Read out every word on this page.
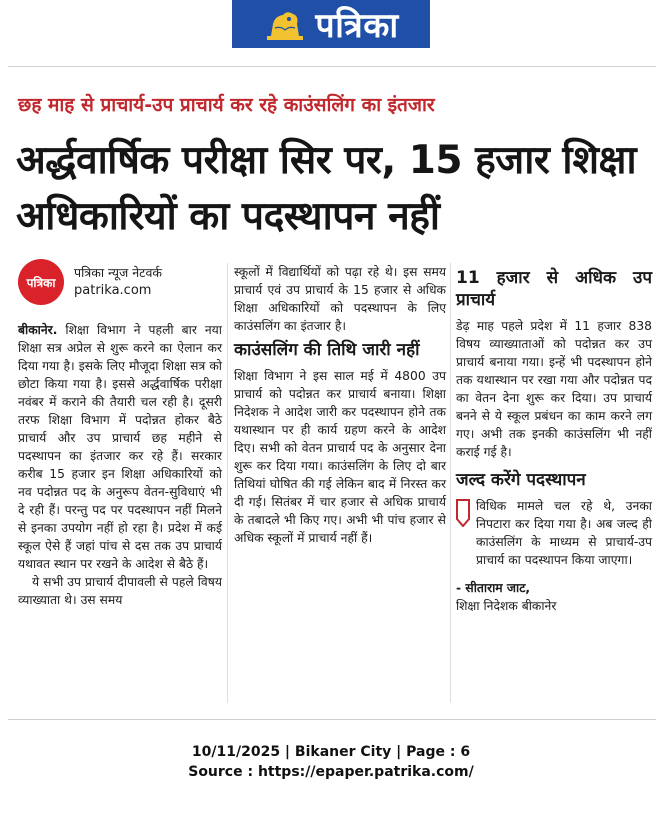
पत्रिका
छह माह से प्राचार्य-उप प्राचार्य कर रहे काउंसलिंग का इंतजार
अर्द्धवार्षिक परीक्षा सिर पर, 15 हजार शिक्षा अधिकारियों का पदस्थापन नहीं
पत्रिका
पत्रिका न्यूज नेटवर्क
patrika.com

बीकानेर. शिक्षा विभाग ने पहली बार नया शिक्षा सत्र अप्रेल से शुरू करने का ऐलान कर दिया गया है। इसके लिए मौजूदा शिक्षा सत्र को छोटा किया गया है। इससे अर्द्धवार्षिक परीक्षा नवंबर में कराने की तैयारी चल रही है। दूसरी तरफ शिक्षा विभाग में पदोन्नत होकर बैठे प्राचार्य और उप प्राचार्य छह महीने से पदस्थापन का इंतजार कर रहे हैं। सरकार करीब 15 हजार इन शिक्षा अधिकारियों को नव पदोन्नत पद के अनुरूप वेतन-सुविधाएं भी दे रही हैं। परन्तु पद पर पदस्थापन नहीं मिलने से इनका उपयोग नहीं हो रहा है। प्रदेश में कई स्कूल ऐसे हैं जहां पांच से दस तक उप प्राचार्य यथावत स्थान पर रखने के आदेश से बैठे हैं।

ये सभी उप प्राचार्य दीपावली से पहले विषय व्याख्याता थे। उस समय

स्कूलों में विद्यार्थियों को पढ़ा रहे थे। इस समय प्राचार्य एवं उप प्राचार्य के 15 हजार से अधिक शिक्षा अधिकारियों को पदस्थापन के लिए काउंसलिंग का इंतजार है।

काउंसलिंग की तिथि जारी नहीं

शिक्षा विभाग ने इस साल मई में 4800 उप प्राचार्य को पदोन्नत कर प्राचार्य बनाया। शिक्षा निदेशक ने आदेश जारी कर पदस्थापन होने तक यथास्थान पर ही कार्य ग्रहण करने के आदेश दिए। सभी को वेतन प्राचार्य पद के अनुसार देना शुरू कर दिया गया। काउंसलिंग के लिए दो बार तिथियां घोषित की गई लेकिन बाद में निरस्त कर दी गई। सितंबर में चार हजार से अधिक प्राचार्य के तबादले भी किए गए। अभी भी पांच हजार से अधिक स्कूलों में प्राचार्य नहीं हैं।

11 हजार से अधिक उप प्राचार्य

डेढ़ माह पहले प्रदेश में 11 हजार 838 विषय व्याख्याताओं को पदोन्नत कर उप प्राचार्य बनाया गया। इन्हें भी पदस्थापन होने तक यथास्थान पर रखा गया और पदोन्नत पद का वेतन देना शुरू कर दिया। उप प्राचार्य बनने से ये स्कूल प्रबंधन का काम करने लग गए। अभी तक इनकी काउंसलिंग भी नहीं कराई गई है।

जल्द करेंगे पदस्थापन

विधिक मामले चल रहे थे, उनका निपटारा कर दिया गया है। अब जल्द ही काउंसलिंग के माध्यम से प्राचार्य-उप प्राचार्य का पदस्थापन किया जाएगा।

- सीताराम जाट,
शिक्षा निदेशक बीकानेर
10/11/2025 | Bikaner City | Page : 6
Source : https://epaper.patrika.com/
